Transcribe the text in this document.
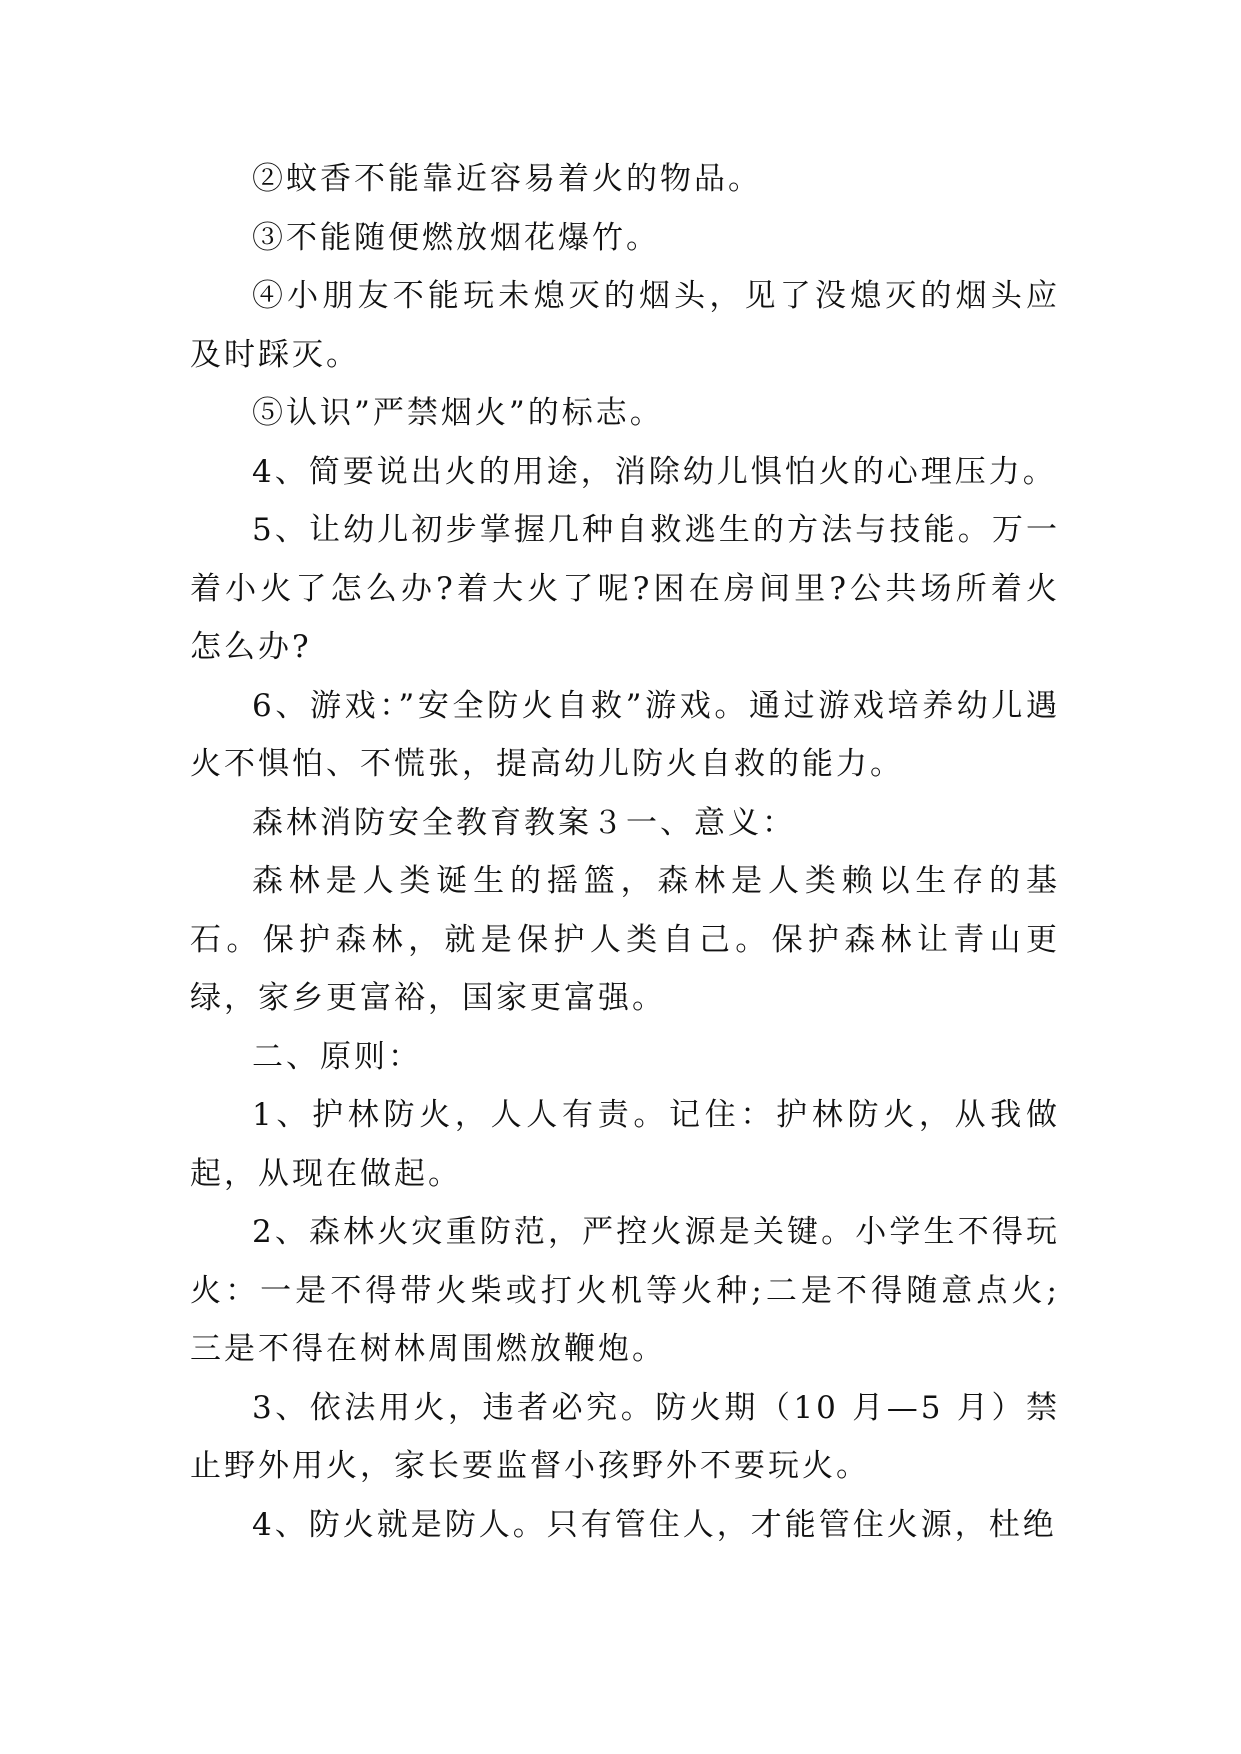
②蚊香不能靠近容易着火的物品。

③不能随便燃放烟花爆竹。

④小朋友不能玩未熄灭的烟头，见了没熄灭的烟头应及时踩灭。

⑤认识”严禁烟火”的标志。

4、简要说出火的用途，消除幼儿惧怕火的心理压力。

5、让幼儿初步掌握几种自救逃生的方法与技能。万一着小火了怎么办?着大火了呢?困在房间里?公共场所着火怎么办?

6、游戏：”安全防火自救”游戏。通过游戏培养幼儿遇火不惧怕、不慌张，提高幼儿防火自救的能力。

森林消防安全教育教案３一、意义：

森林是人类诞生的摇篮，森林是人类赖以生存的基石。保护森林，就是保护人类自己。保护森林让青山更绿，家乡更富裕，国家更富强。

二、原则：

1、护林防火，人人有责。记住：护林防火，从我做起，从现在做起。

2、森林火灾重防范，严控火源是关键。小学生不得玩火：一是不得带火柴或打火机等火种;二是不得随意点火;三是不得在树林周围燃放鞭炮。

3、依法用火，违者必究。防火期（10 月—5 月）禁止野外用火，家长要监督小孩野外不要玩火。

4、防火就是防人。只有管住人，才能管住火源，杜绝
